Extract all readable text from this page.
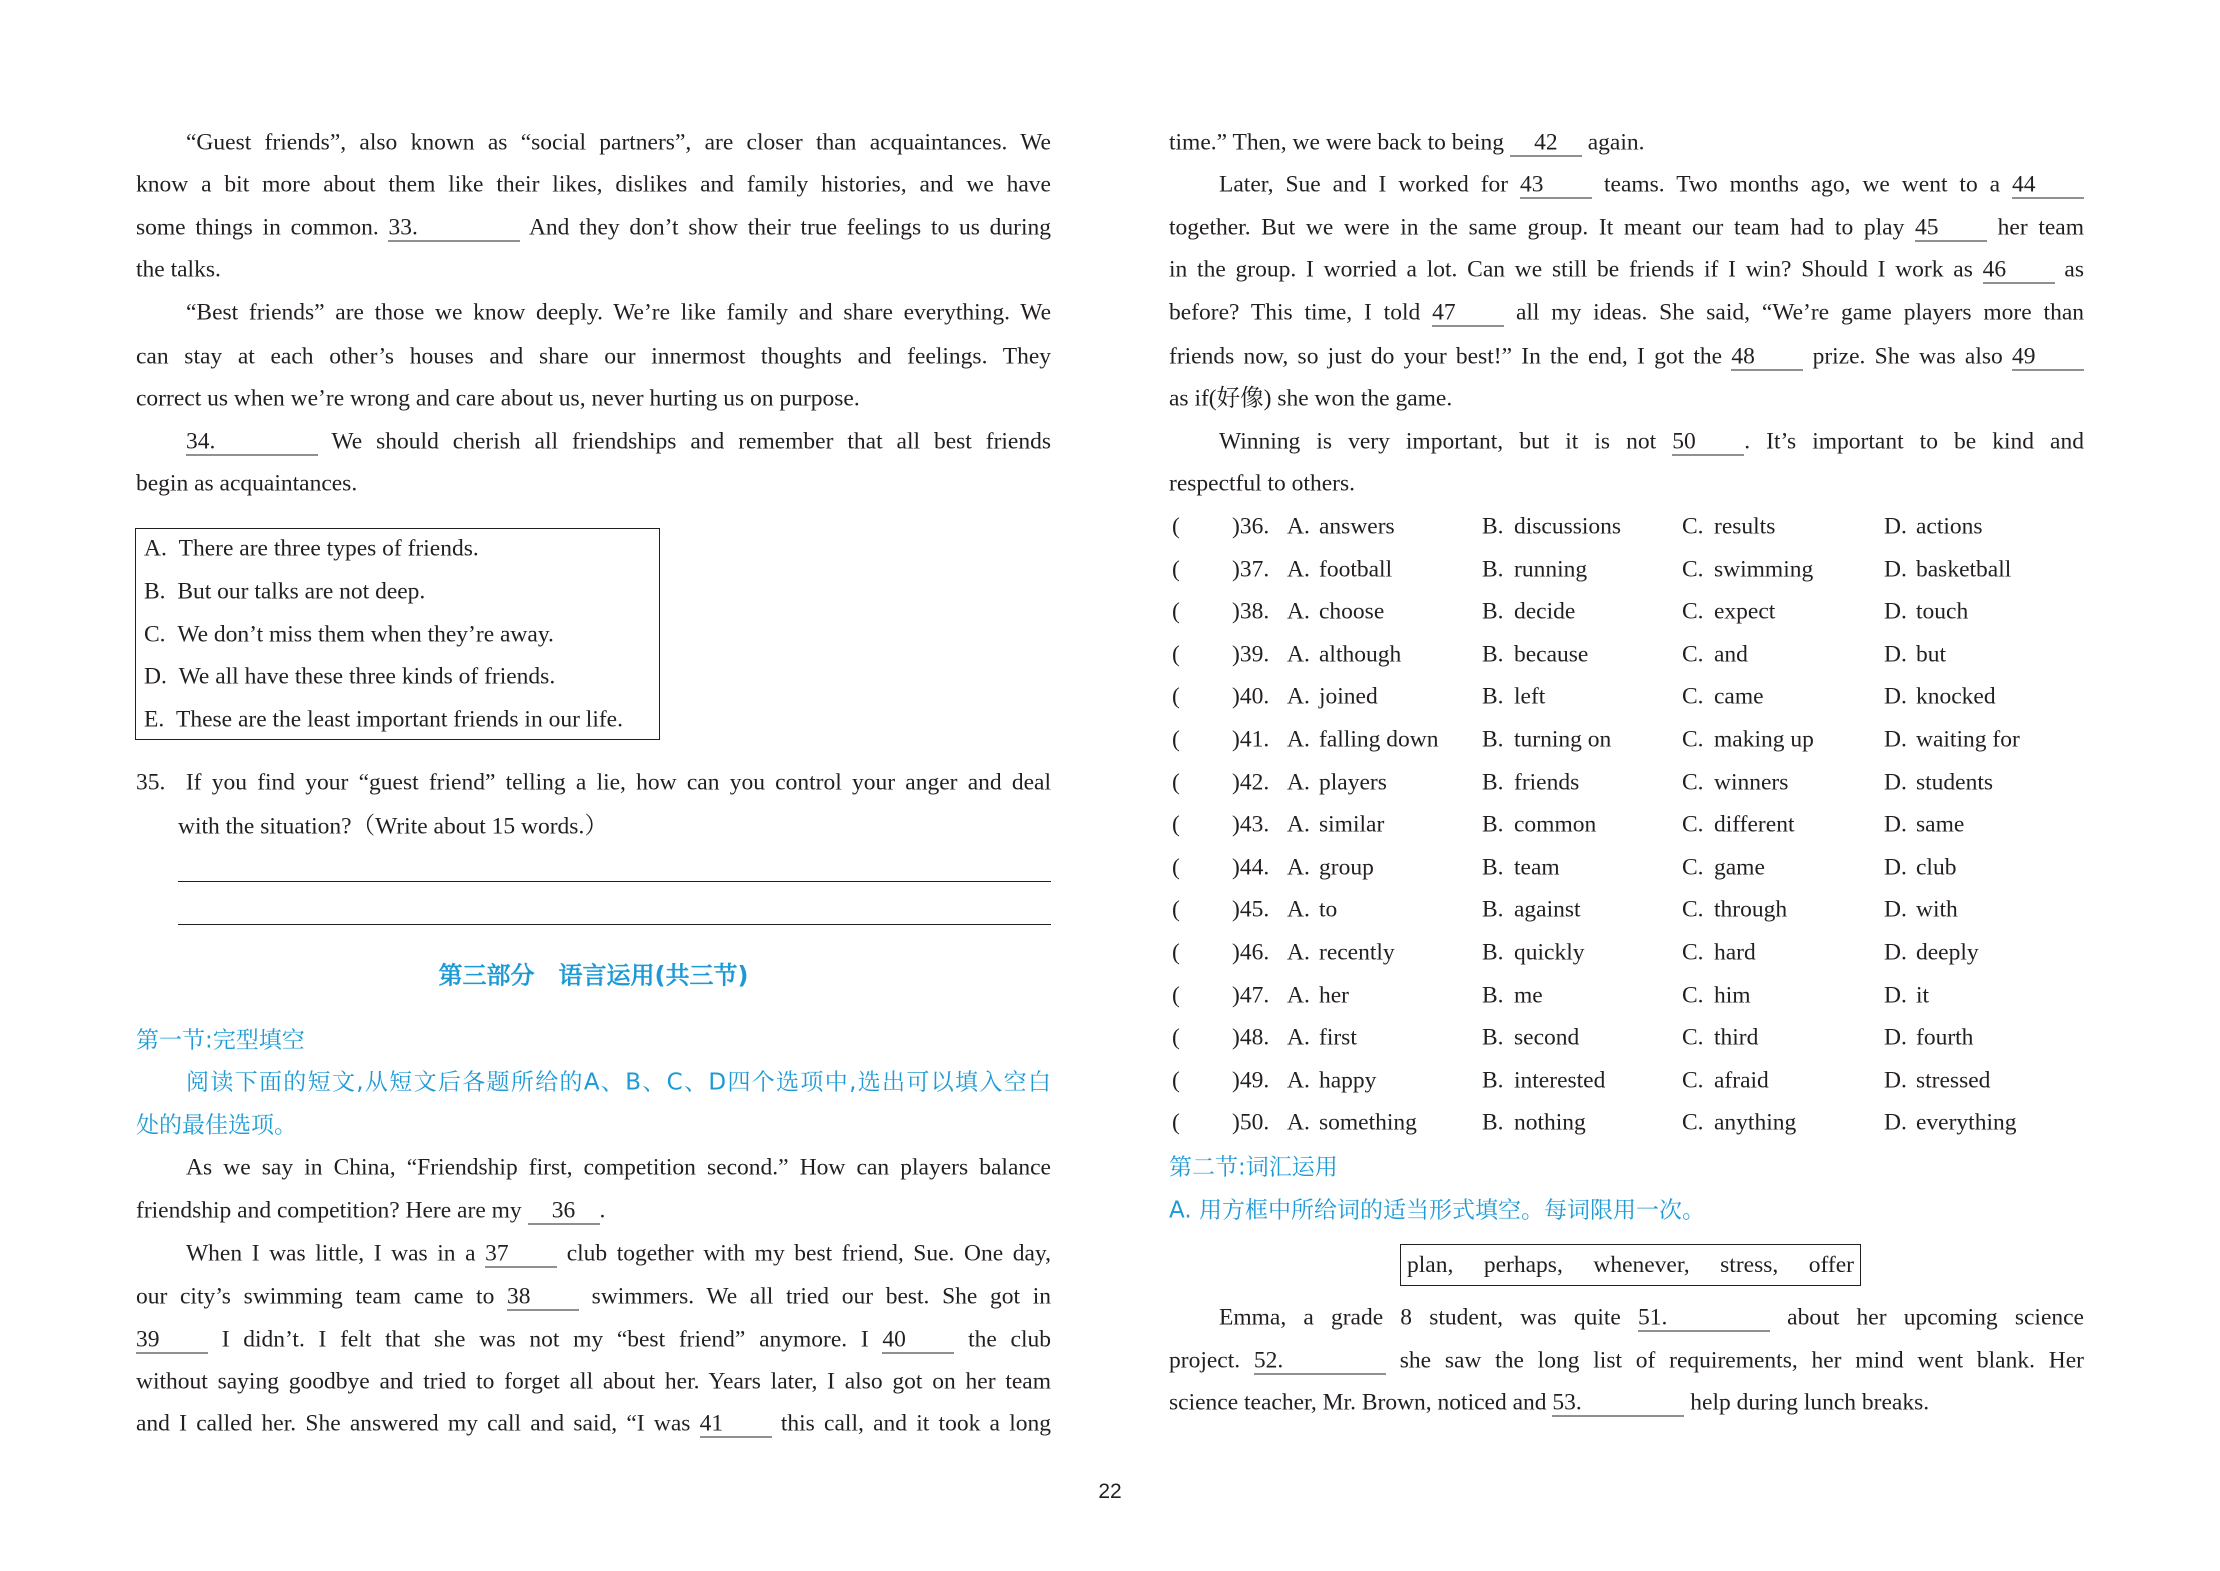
“Guest friends”, also known as “social partners”, are closer than acquaintances. We
know a bit more about them like their likes, dislikes and family histories, and we have
some things in common. 33.	And they don’t show their true feelings to us during
the talks.
“Best friends” are those we know deeply. We’re like family and share everything. We
can stay at each other’s houses and share our innermost thoughts and feelings. They
correct us when we’re wrong and care about us, never hurting us on purpose.
34.	We should cherish all friendships and remember that all best friends
begin as acquaintances.
As we say in China, “Friendship first, competition second.” How can players balance
friendship and competition? Here are my 36 .
When I was little, I was in a 37 club together with my best friend, Sue. One day,
our city’s swimming team came to 38 swimmers. We all tried our best. She got in
39 I didn’t. I felt that she was not my “best friend” anymore. I 40 the club
without saying goodbye and tried to forget all about her. Years later, I also got on her team
and I called her. She answered my call and said, “I was 41 this call, and it took a long
time.” Then, we were back to being 42 again.
Later, Sue and I worked for 43 teams. Two months ago, we went to a 44
together. But we were in the same group. It meant our team had to play 45 her team
in the group. I worried a lot. Can we still be friends if I win? Should I work as 46 as
before? This time, I told 47 all my ideas. She said, “We’re game players more than
friends now, so just do your best!” In the end, I got the 48 prize. She was also 49
as if(好像) she won the game.
Winning is very important, but it is not 50 . It’s important to be kind and
respectful to others.
Emma, a grade 8 student, was quite 51.	about her upcoming science
project. 52.	she saw the long list of requirements, her mind went blank. Her
science teacher, Mr. Brown, noticed and 53.	help during lunch breaks.
( )36. A. answers	B. discussions	C. results	D. actions
( )37. A. football	B. running	C. swimming	D. basketball
( )38. A. choose	B. decide	C. expect	D. touch
( )39. A. although	B. because	C. and	D. but
( )40. A. joined	B. left	C. came	D. knocked
( )41. A. falling down B. turning on	C. making up	D. waiting for
( )42. A. players	B. friends	C. winners	D. students
( )43. A. similar	B. common	C. different	D. same
( )44. A. group	B. team	C. game	D. club
( )45. A. to	B. against	C. through	D. with
( )46. A. recently	B. quickly	C. hard	D. deeply
( )47. A. her	B. me	C. him	D. it
( )48. A. first	B. second	C. third	D. fourth
( )49. A. happy	B. interested	C. afraid	D. stressed
( )50. A. something	B. nothing	C. anything	D. everything
A. There are three types of friends.
B. But our talks are not deep.
C. We don’t miss them when they’re away.
D. We all have these three kinds of friends.
E. These are the least important friends in our life.
35. If you find your “guest friend” telling a lie, how can you control your anger and deal
with the situation?（Write about 15 words.）
第三部分　语言运用(共三节)
第一节:完型填空
阅读下面的短文,从短文后各题所给的A、B、C、D四个选项中,选出可以填入空白
处的最佳选项。
第二节:词汇运用
A. 用方框中所给词的适当形式填空。每词限用一次。
plan, perhaps, whenever, stress, offer
22
